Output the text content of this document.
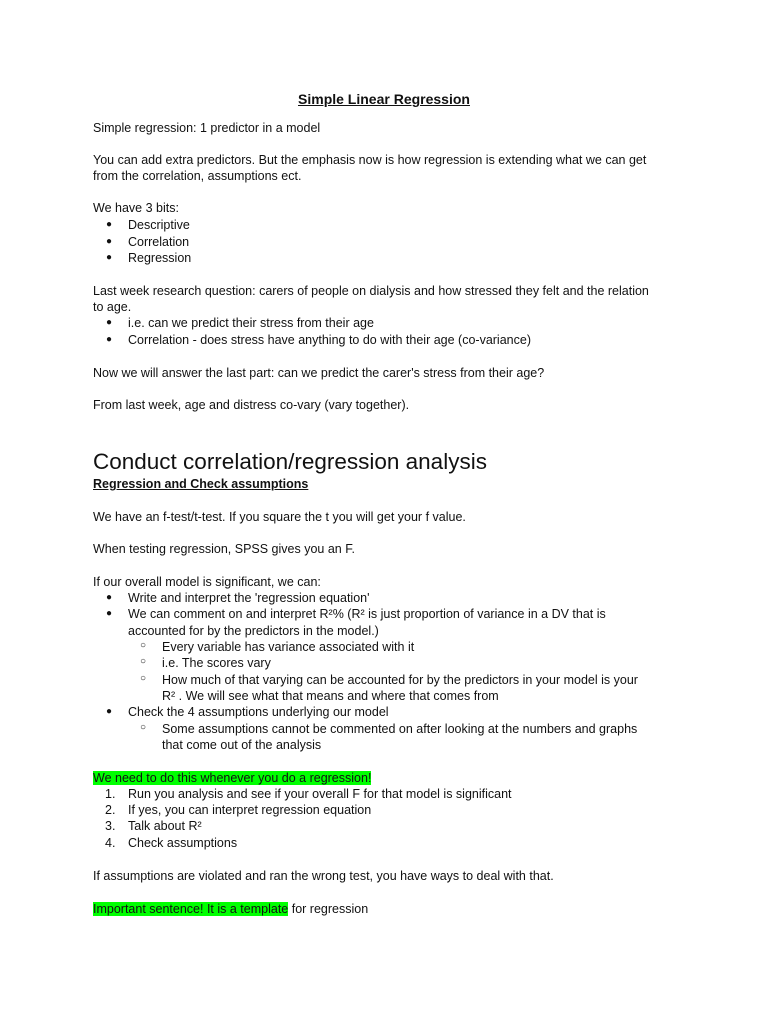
Simple Linear Regression
Simple regression: 1 predictor in a model
You can add extra predictors. But the emphasis now is how regression is extending what we can get
from the correlation, assumptions ect.
We have 3 bits:
● Descriptive
● Correlation
● Regression
Last week research question: carers of people on dialysis and how stressed they felt and the relation
to age.
● i.e. can we predict their stress from their age
● Correlation - does stress have anything to do with their age (co-variance)
Now we will answer the last part: can we predict the carer's stress from their age?
From last week, age and distress co-vary (vary together).
Conduct correlation/regression analysis
Regression and Check assumptions
We have an f-test/t-test. If you square the t you will get your f value.
When testing regression, SPSS gives you an F.
If our overall model is significant, we can:
● Write and interpret the 'regression equation'
● We can comment on and interpret R²% (R² is just proportion of variance in a DV that is
accounted for by the predictors in the model.)
○ Every variable has variance associated with it
○ i.e. The scores vary
○ How much of that varying can be accounted for by the predictors in your model is your
R² . We will see what that means and where that comes from
● Check the 4 assumptions underlying our model
○ Some assumptions cannot be commented on after looking at the numbers and graphs
that come out of the analysis
We need to do this whenever you do a regression!
1. Run you analysis and see if your overall F for that model is significant
2. If yes, you can interpret regression equation
3. Talk about R²
4. Check assumptions
If assumptions are violated and ran the wrong test, you have ways to deal with that.
Important sentence! It is a template for regression
